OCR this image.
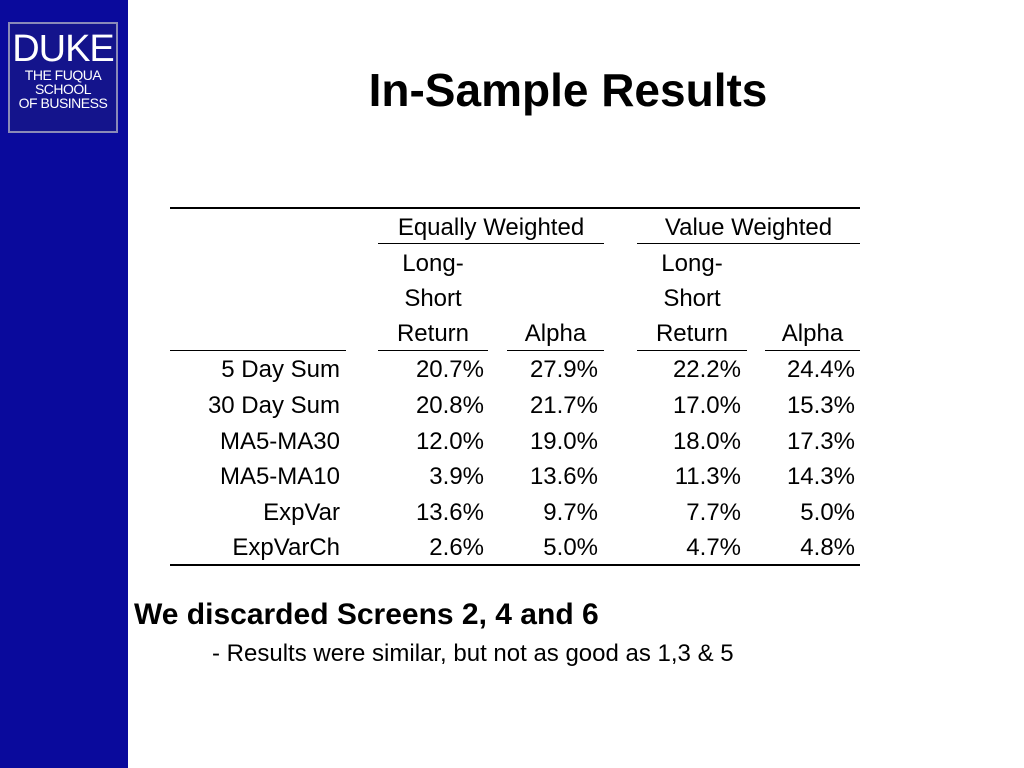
DUKE
THE FUQUA
SCHOOL
OF BUSINESS	In-Sample Results
Equally Weighted	Value Weighted
Long-
Short
Return	Alpha
Long-
Short
Return	Alpha
5 Day Sum	20.7%	27.9%	22.2%	24.4%
30 Day Sum	20.8%	21.7%	17.0%	15.3%
MA5-MA30	12.0%	19.0%	18.0%	17.3%
MA5-MA10	3.9%	13.6%	11.3%	14.3%
ExpVar	13.6%	9.7%	7.7%	5.0%
ExpVarCh	2.6%	5.0%	4.7%	4.8%
We discarded Screens 2, 4 and 6
- Results were similar, but not as good as 1,3 & 5
